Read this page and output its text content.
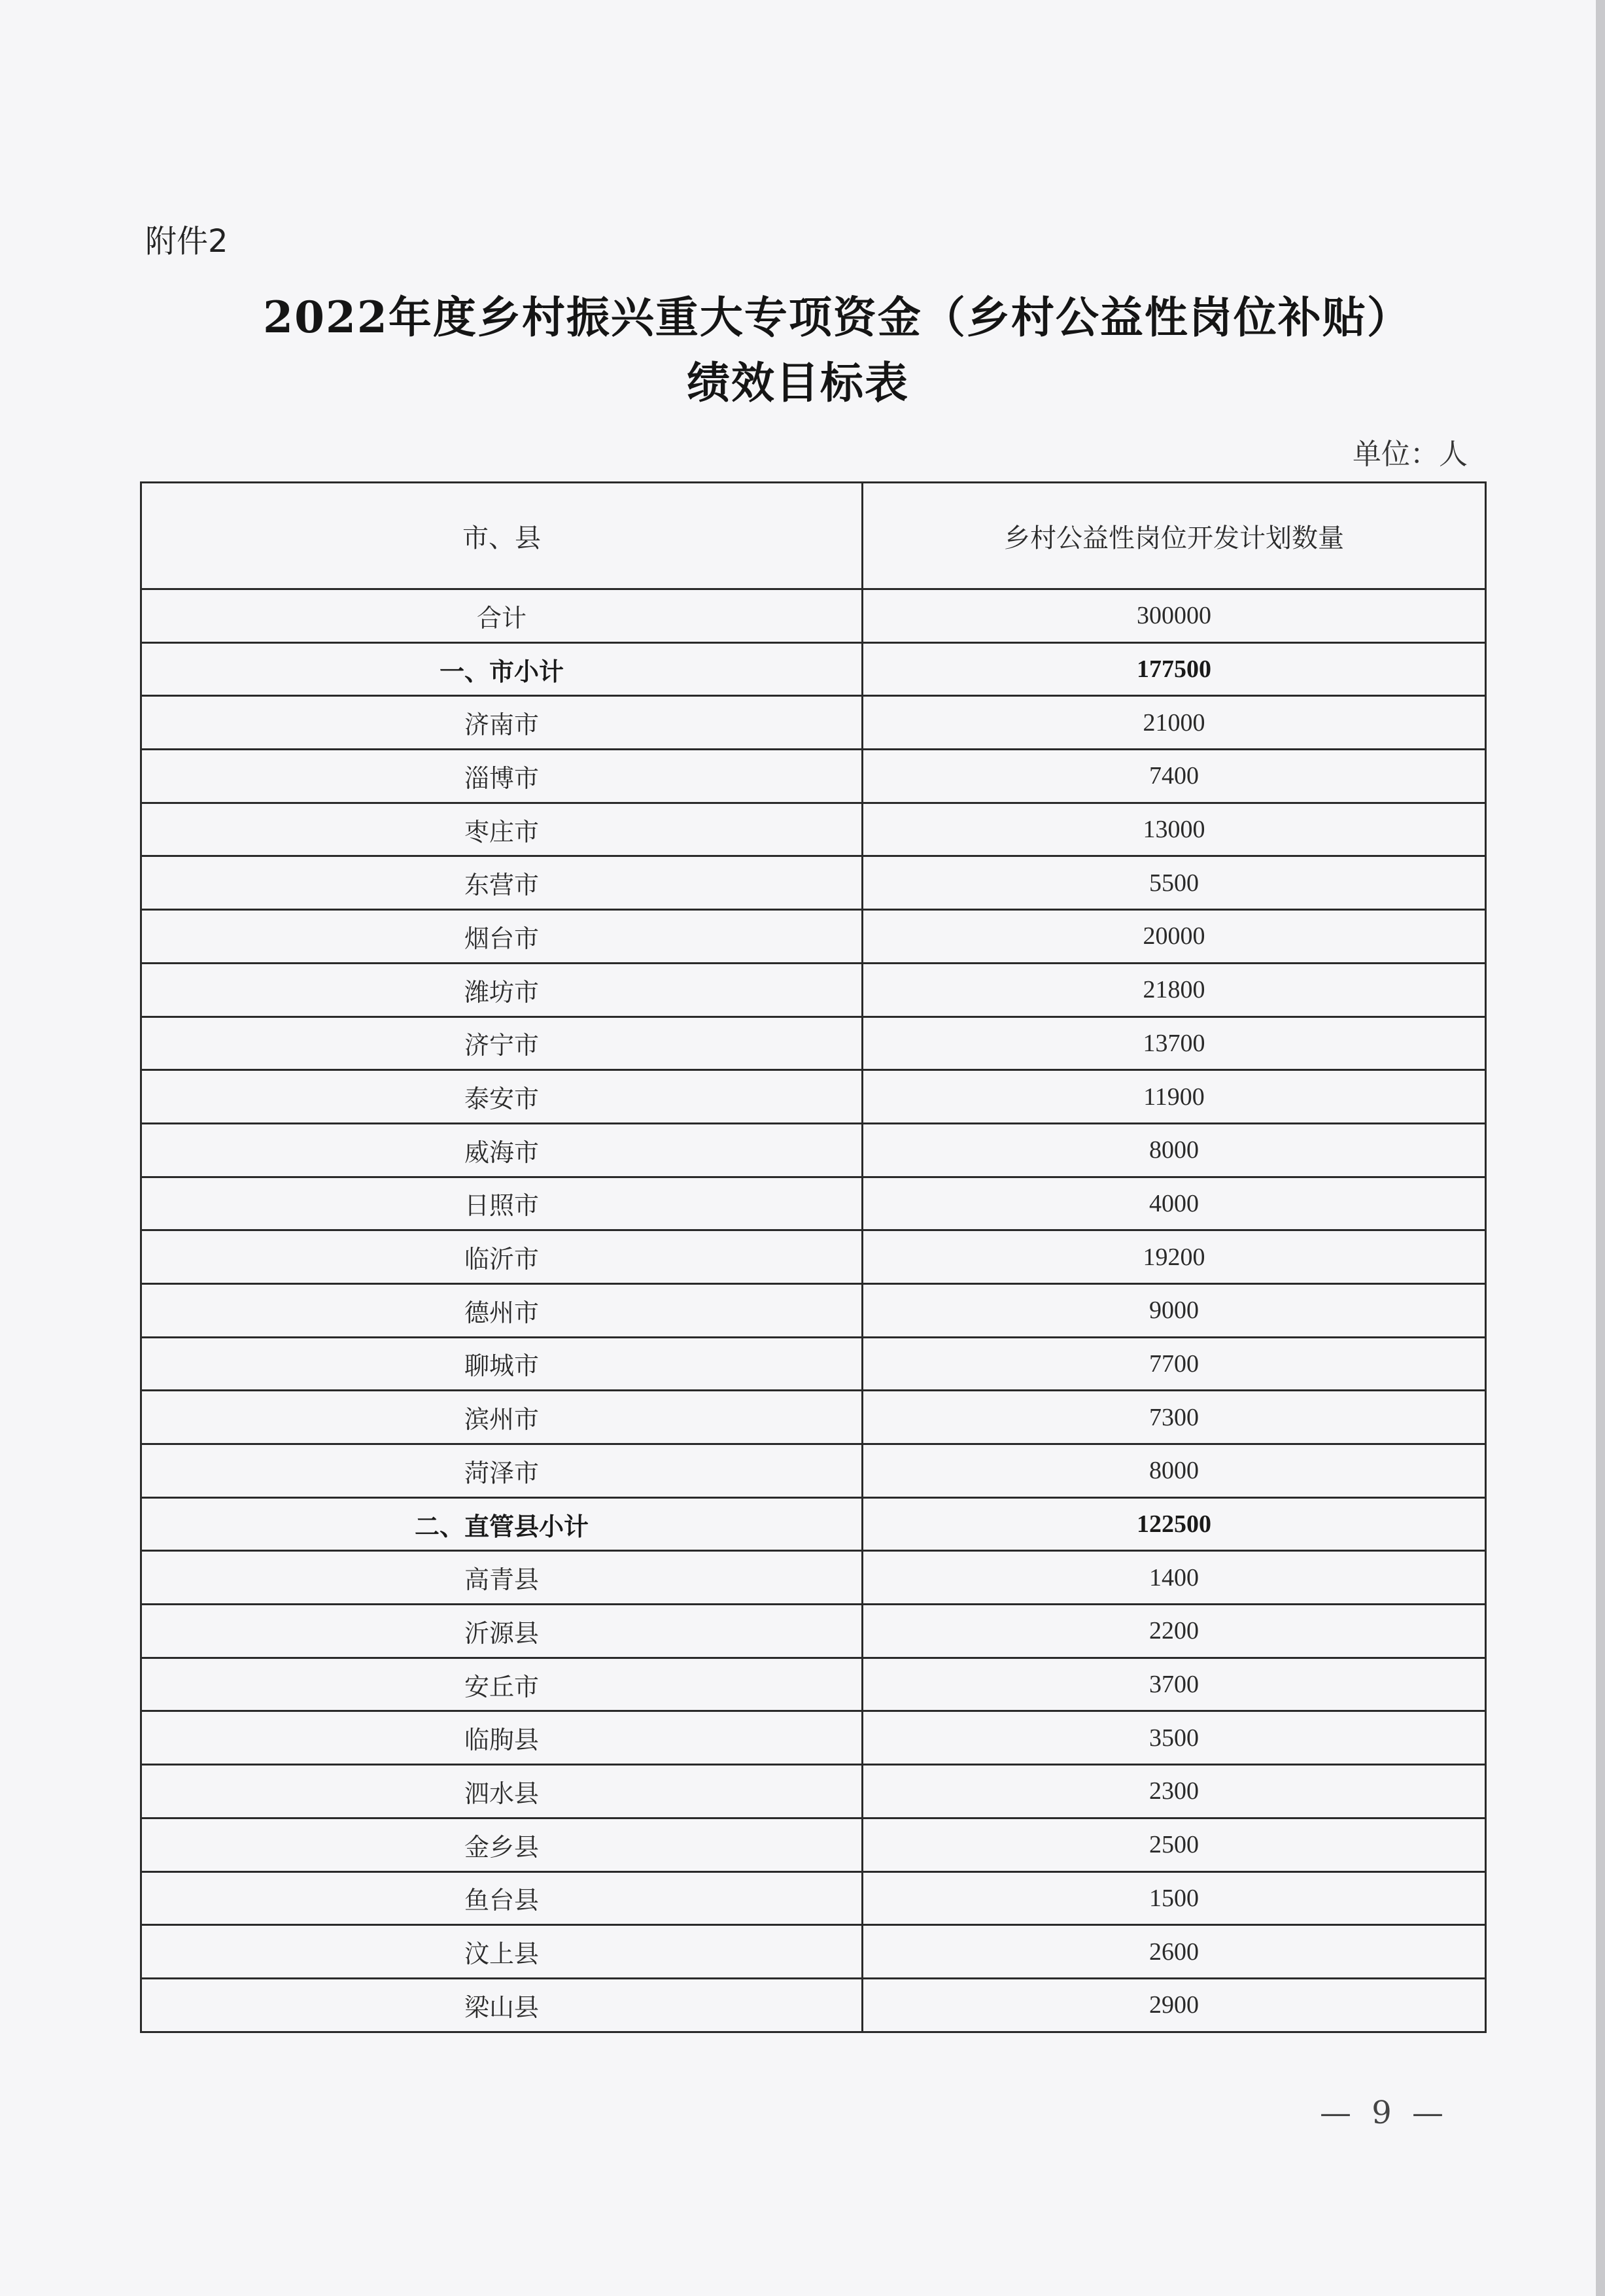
附件2
2022年度乡村振兴重大专项资金（乡村公益性岗位补贴）
绩效目标表
单位：人
市、县	乡村公益性岗位开发计划数量
合计	300000
一、市小计	177500
济南市	21000
淄博市	7400
枣庄市	13000
东营市	5500
烟台市	20000
潍坊市	21800
济宁市	13700
泰安市	11900
威海市	8000
日照市	4000
临沂市	19200
德州市	9000
聊城市	7700
滨州市	7300
菏泽市	8000
二、直管县小计	122500
高青县	1400
沂源县	2200
安丘市	3700
临朐县	3500
泗水县	2300
金乡县	2500
鱼台县	1500
汶上县	2600
梁山县	2900
— 9 —
